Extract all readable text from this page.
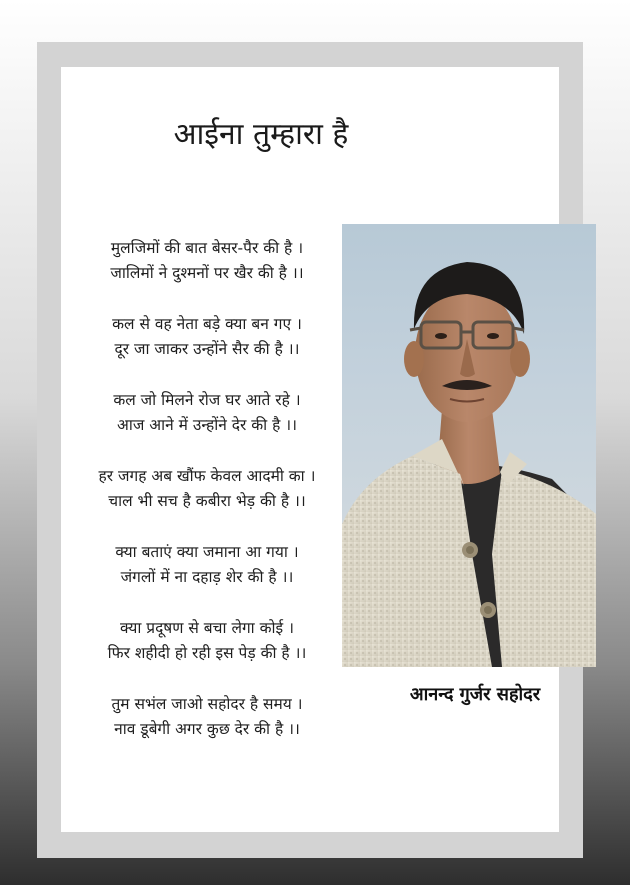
आईना तुम्हारा है
मुलजिमों की बात बेसर-पैर की है ।
जालिमों ने दुश्मनों पर खैर की है ।।
कल से वह नेता बड़े क्या बन गए ।
दूर जा जाकर उन्होंने सैर की है ।।
कल जो मिलने रोज घर आते रहे ।
आज आने में उन्होंने देर की है ।।
हर जगह अब खौंफ केवल आदमी का ।
चाल भी सच है कबीरा भेड़ की है ।।
क्या बताएं क्या जमाना आ गया ।
जंगलों में ना दहाड़ शेर की है ।।
क्या प्रदूषण से बचा लेगा कोई ।
फिर शहीदी हो रही इस पेड़ की है ।।
तुम सभंल जाओ सहोदर है समय ।
नाव डूबेगी अगर कुछ देर की है ।।
आनन्द गुर्जर सहोदर
